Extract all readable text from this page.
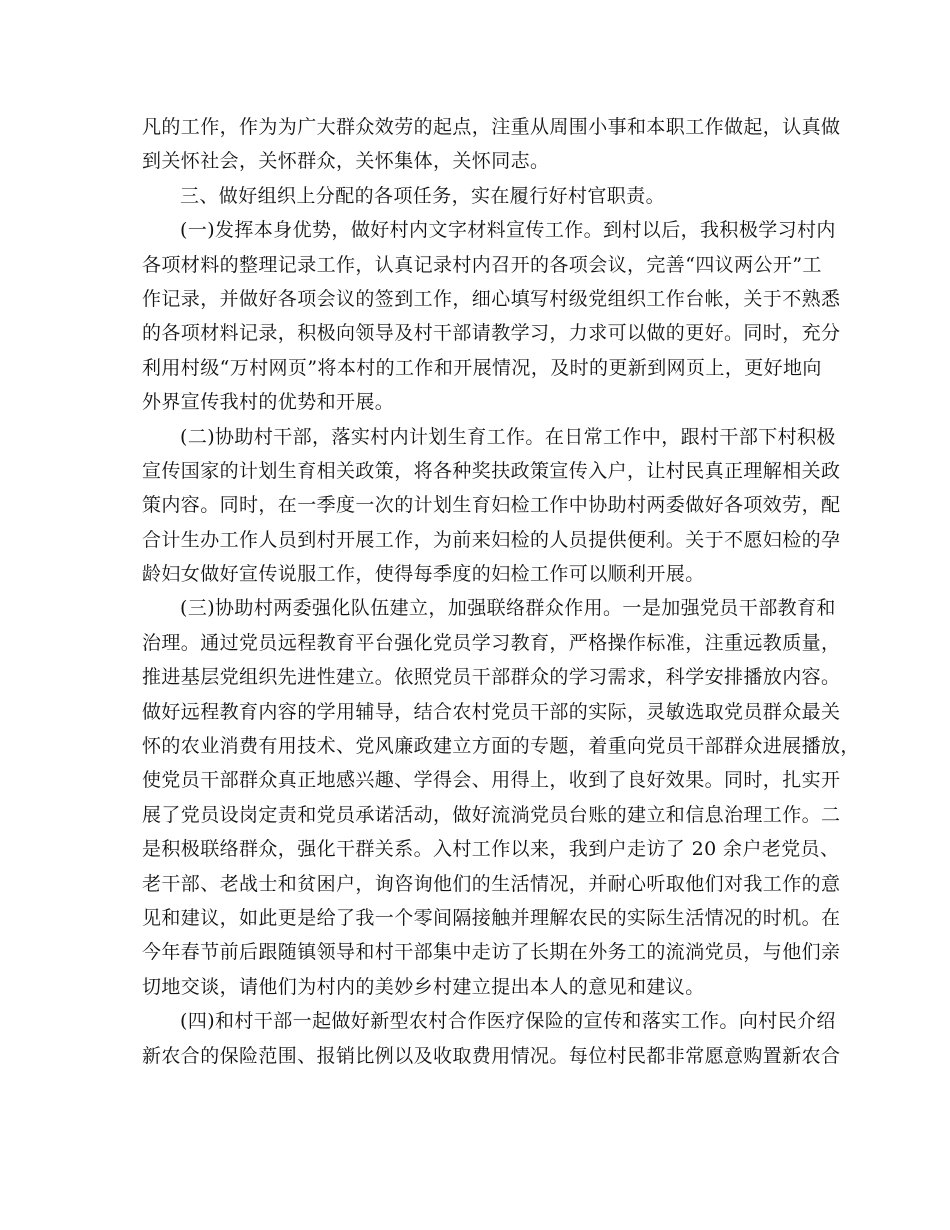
凡的工作，作为为广大群众效劳的起点，注重从周围小事和本职工作做起，认真做
到关怀社会，关怀群众，关怀集体，关怀同志。
三、做好组织上分配的各项任务，实在履行好村官职责。
(一)发挥本身优势，做好村内文字材料宣传工作。到村以后，我积极学习村内
各项材料的整理记录工作，认真记录村内召开的各项会议，完善“四议两公开”工
作记录，并做好各项会议的签到工作，细心填写村级党组织工作台帐，关于不熟悉
的各项材料记录，积极向领导及村干部请教学习，力求可以做的更好。同时，充分
利用村级“万村网页”将本村的工作和开展情况，及时的更新到网页上，更好地向
外界宣传我村的优势和开展。
(二)协助村干部，落实村内计划生育工作。在日常工作中，跟村干部下村积极
宣传国家的计划生育相关政策，将各种奖扶政策宣传入户，让村民真正理解相关政
策内容。同时，在一季度一次的计划生育妇检工作中协助村两委做好各项效劳，配
合计生办工作人员到村开展工作，为前来妇检的人员提供便利。关于不愿妇检的孕
龄妇女做好宣传说服工作，使得每季度的妇检工作可以顺利开展。
(三)协助村两委强化队伍建立，加强联络群众作用。一是加强党员干部教育和
治理。通过党员远程教育平台强化党员学习教育，严格操作标准，注重远教质量，
推进基层党组织先进性建立。依照党员干部群众的学习需求，科学安排播放内容。
做好远程教育内容的学用辅导，结合农村党员干部的实际，灵敏选取党员群众最关
怀的农业消费有用技术、党风廉政建立方面的专题，着重向党员干部群众进展播放，
使党员干部群众真正地感兴趣、学得会、用得上，收到了良好效果。同时，扎实开
展了党员设岗定责和党员承诺活动，做好流淌党员台账的建立和信息治理工作。二
是积极联络群众，强化干群关系。入村工作以来，我到户走访了 20 余户老党员、
老干部、老战士和贫困户，询咨询他们的生活情况，并耐心听取他们对我工作的意
见和建议，如此更是给了我一个零间隔接触并理解农民的实际生活情况的时机。在
今年春节前后跟随镇领导和村干部集中走访了长期在外务工的流淌党员，与他们亲
切地交谈，请他们为村内的美妙乡村建立提出本人的意见和建议。
(四)和村干部一起做好新型农村合作医疗保险的宣传和落实工作。向村民介绍
新农合的保险范围、报销比例以及收取费用情况。每位村民都非常愿意购置新农合
